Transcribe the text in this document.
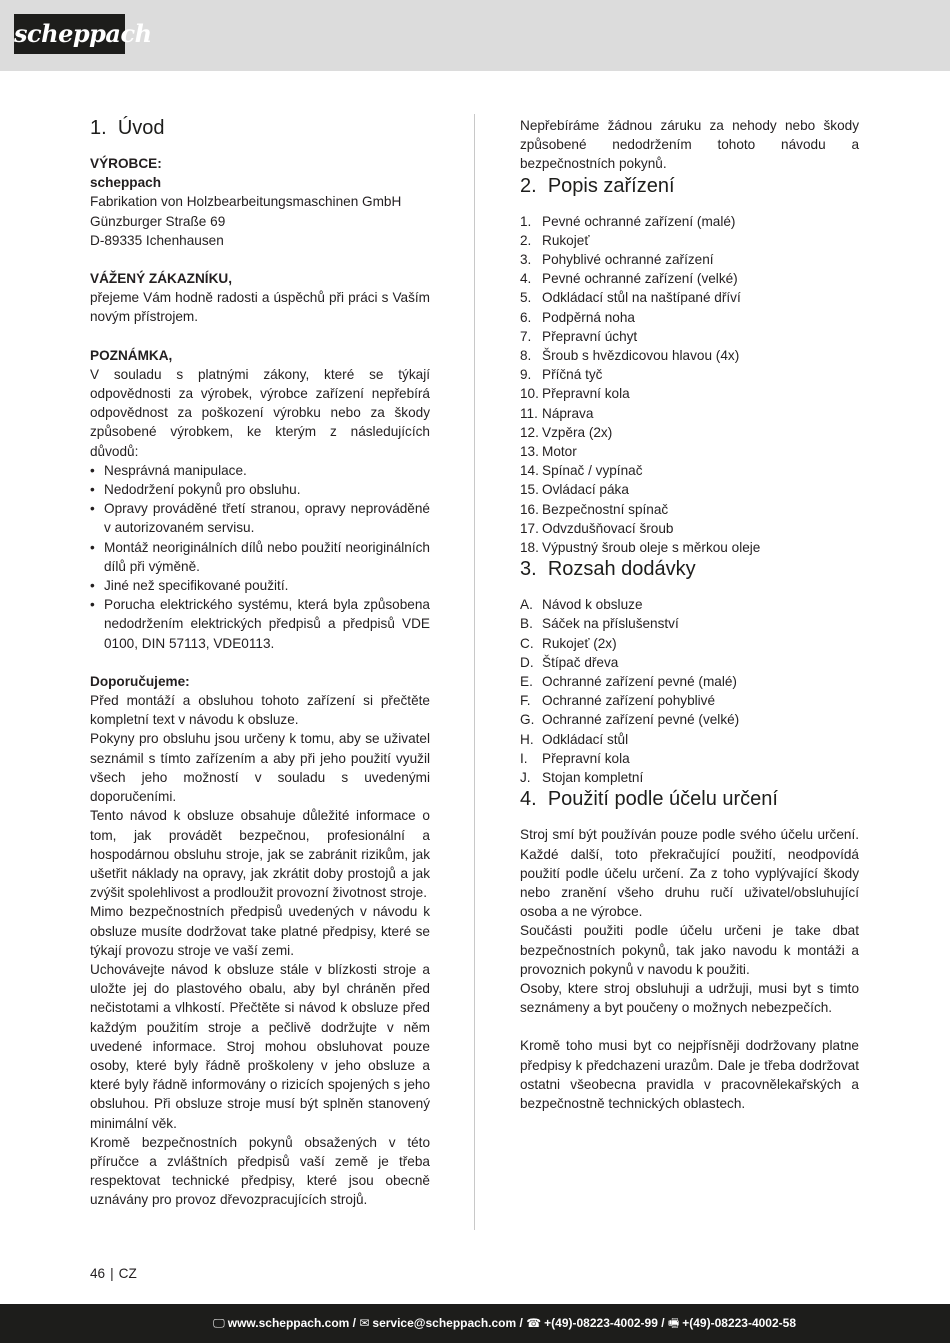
scheppach
1. Úvod

VÝROBCE:

scheppach

Fabrikation von Holzbearbeitungsmaschinen GmbH

Günzburger Straße 69

D-89335 Ichenhausen

VÁŽENÝ ZÁKAZNÍKU,

přejeme Vám hodně radosti a úspěchů při práci s Vaším novým přístrojem.

POZNÁMKA,

V souladu s platnými zákony, které se týkají odpovědnosti za výrobek, výrobce zařízení nepřebírá odpovědnost za poškození výrobku nebo za škody způsobené výrobkem, ke kterým z následujících důvodů:

• Nesprávná manipulace.
• Nedodržení pokynů pro obsluhu.
• Opravy prováděné třetí stranou, opravy neprováděné v autorizovaném servisu.
• Montáž neoriginálních dílů nebo použití neoriginálních dílů při výměně.
• Jiné než specifikované použití.
• Porucha elektrického systému, která byla způsobena nedodržením elektrických předpisů a předpisů VDE 0100, DIN 57113, VDE0113.

Doporučujeme:

Před montáží a obsluhou tohoto zařízení si přečtěte kompletní text v návodu k obsluze.

Pokyny pro obsluhu jsou určeny k tomu, aby se uživatel seznámil s tímto zařízením a aby při jeho použití využil všech jeho možností v souladu s uvedenými doporučeními.

Tento návod k obsluze obsahuje důležité informace o tom, jak provádět bezpečnou, profesionální a hospodárnou obsluhu stroje, jak se zabránit rizikům, jak ušetřit náklady na opravy, jak zkrátit doby prostojů a jak zvýšit spolehlivost a prodloužit provozní životnost stroje.

Mimo bezpečnostních předpisů uvedených v návodu k obsluze musíte dodržovat take platné předpisy, které se týkají provozu stroje ve vaší zemi.

Uchovávejte návod k obsluze stále v blízkosti stroje a uložte jej do plastového obalu, aby byl chráněn před nečistotami a vlhkostí. Přečtěte si návod k obsluze před každým použitím stroje a pečlivě dodržujte v něm uvedené informace. Stroj mohou obsluhovat pouze osoby, které byly řádně proškoleny v jeho obsluze a které byly řádně informovány o rizicích spojených s jeho obsluhou. Při obsluze stroje musí být splněn stanovený minimální věk.

Kromě bezpečnostních pokynů obsažených v této příručce a zvláštních předpisů vaší země je třeba respektovat technické předpisy, které jsou obecně uznávány pro provoz dřevozpracujících strojů.

Nepřebíráme žádnou záruku za nehody nebo škody způsobené nedodržením tohoto návodu a bezpečnostních pokynů.

2. Popis zařízení
1. Pevné ochranné zařízení (malé)
2. Rukojeť
3. Pohyblivé ochranné zařízení
4. Pevné ochranné zařízení (velké)
5. Odkládací stůl na naštípané dříví
6. Podpěrná noha
7. Přepravní úchyt
8. Šroub s hvězdicovou hlavou (4x)
9. Příčná tyč
10. Přepravní kola
11. Náprava
12. Vzpěra (2x)
13. Motor
14. Spínač / vypínač
15. Ovládací páka
16. Bezpečnostní spínač
17. Odvzdušňovací šroub
18. Výpustný šroub oleje s měrkou oleje
3. Rozsah dodávky
A. Návod k obsluze
B. Sáček na příslušenství
C. Rukojeť (2x)
D. Štípač dřeva
E. Ochranné zařízení pevné (malé)
F. Ochranné zařízení pohyblivé
G. Ochranné zařízení pevné (velké)
H. Odkládací stůl
I. Přepravní kola
J. Stojan kompletní
4. Použití podle účelu určení

Stroj smí být používán pouze podle svého účelu určení. Každé další, toto překračující použití, neodpovídá použití podle účelu určení. Za z toho vyplývající škody nebo zranění všeho druhu ručí uživatel/obsluhující osoba a ne výrobce.

Součásti použiti podle účelu určeni je take dbat bezpečnostních pokynů, tak jako navodu k montáži a provoznich pokynů v navodu k použiti.

Osoby, ktere stroj obsluhuji a udržuji, musi byt s timto seznámeny a byt poučeny o možnych nebezpečích.

Kromě toho musi byt co nejpřísněji dodržovany platne předpisy k předchazeni urazům. Dale je třeba dodržovat ostatni všeobecna pravidla v pracovnělekařských a bezpečnostně technických oblastech.

46 | CZ
🖵 www.scheppach.com / ✉ service@scheppach.com / ☎ +(49)-08223-4002-99 / 🖷 +(49)-08223-4002-58
